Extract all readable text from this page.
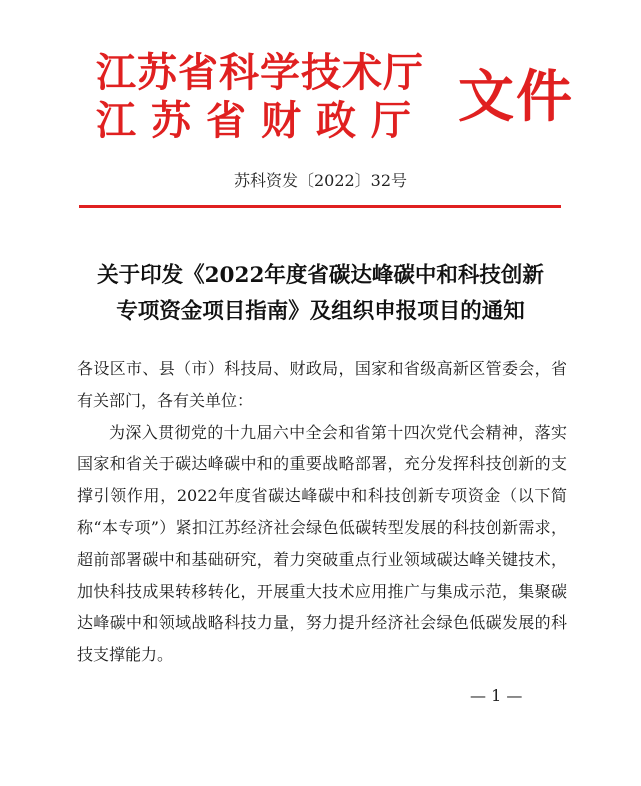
江苏省科学技术厅
江苏省财政厅 文件
苏科资发〔2022〕32号
关于印发《2022年度省碳达峰碳中和科技创新
专项资金项目指南》及组织申报项目的通知

各设区市、县（市）科技局、财政局，国家和省级高新区管委会，省有关部门，各有关单位：

为深入贯彻党的十九届六中全会和省第十四次党代会精神，落实国家和省关于碳达峰碳中和的重要战略部署，充分发挥科技创新的支撑引领作用，2022年度省碳达峰碳中和科技创新专项资金（以下简称“本专项”）紧扣江苏经济社会绿色低碳转型发展的科技创新需求，超前部署碳中和基础研究，着力突破重点行业领域碳达峰关键技术，加快科技成果转移转化，开展重大技术应用推广与集成示范，集聚碳达峰碳中和领域战略科技力量，努力提升经济社会绿色低碳发展的科技支撑能力。

— 1 —
